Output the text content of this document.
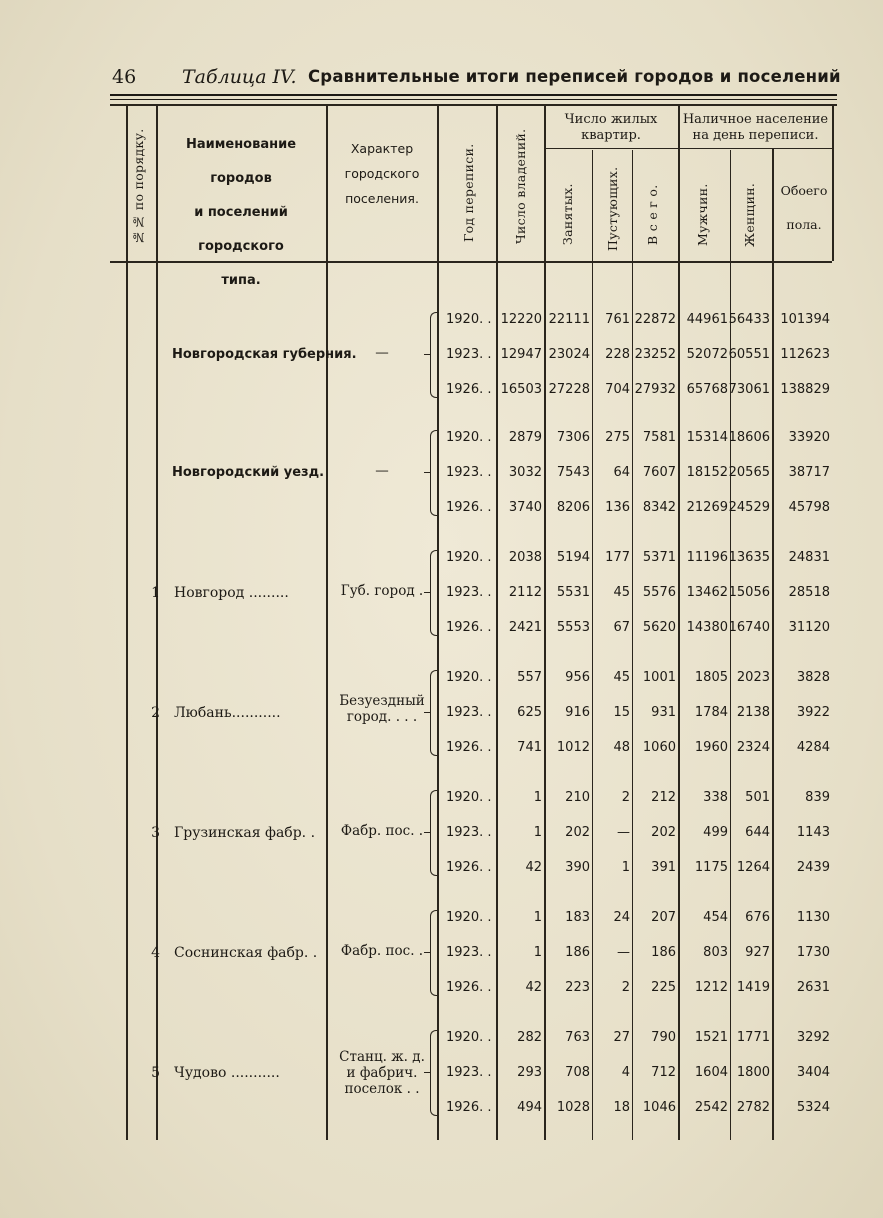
46 Таблица IV. Сравнительные итоги переписей городов и поселений
№№ по порядку.	Наименование городов
и поселений городского
типа.
Характер
городского
поселения.	Год переписи.	Число владений.
Число жилых
квартир.
Занятых. Пустующих. В с е г о.
Наличное население
на день переписи.
Мужчин.	Женщин.	Обоего
пола.
Новгородская губерния.	—
1920. . 12220 22111	761 22872 44961 56433 101394
1923. . 12947 23024	228 23252 52072 60551 112623
1926. . 16503 27228	704 27932 65768 73061 138829
Новгородский уезд.	—
1920. .	2879	7306	275 7581 15314 18606	33920
1923. .	3032	7543	64 7607 18152 20565	38717
1926. .	3740	8206	136 8342 21269 24529	45798
1 Новгород .........	Губ. город .
1920. .	2038	5194	177 5371 11196 13635	24831
1923. .	2112	5531	45 5576 13462 15056	28518
1926. .	2421	5553	67 5620 14380 16740	31120
2 Любань...........
Безуездный
город. . . .
1920. .	557	956	45 1001	1805 2023	3828
1923. .	625	916	15	931	1784 2138	3922
1926. .	741	1012	48 1060	1960 2324	4284
3 Грузинская фабр. .	Фабр. пос. .
1920. .	1	210	2	212	338	501	839
1923. .	1	202	—	202	499	644	1143
1926. .	42	390	1	391	1175 1264	2439
4 Соснинская фабр. .	Фабр. пос. .
1920. .	1	183	24	207	454	676	1130
1923. .	1	186	—	186	803	927	1730
1926. .	42	223	2	225	1212 1419	2631
5 Чудово ...........
Станц. ж. д.
и фабрич.
поселок . .
1920. .	282	763	27	790	1521 1771	3292
1923. .	293	708	4	712	1604 1800	3404
1926. .	494	1028	18 1046	2542 2782	5324
